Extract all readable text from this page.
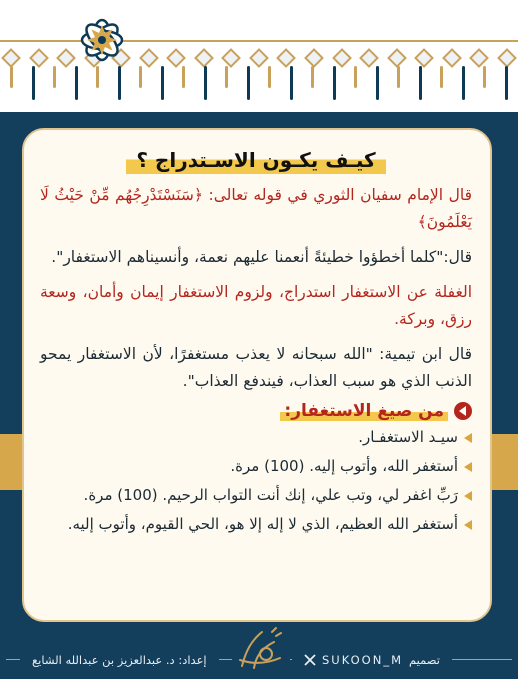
كيـف يكـون الاسـتدراج ؟

قال الإمام سفيان الثوري في قوله تعالى: ﴿سَنَسْتَدْرِجُهُم مِّنْ حَيْثُ لَا يَعْلَمُونَ﴾

قال:"كلما أخطؤوا خطيئةً أنعمنا عليهم نعمة، وأنسيناهم الاستغفار".

الغفلة عن الاستغفار استدراج، ولزوم الاستغفار إيمان وأمان، وسعة رزق، وبركة.

قال ابن تيمية: "الله سبحانه لا يعذب مستغفرًا، لأن الاستغفار يمحو الذنب الذي هو سبب العذاب، فيندفع العذاب".

من صيغ الاستغفار:
سيـد الاستغفـار.
أستغفر الله، وأتوب إليه. (100) مرة.
رَبِّ اغفر لي، وتب علي، إنك أنت التواب الرحيم. (100) مرة.
أستغفر الله العظيم، الذي لا إله إلا هو، الحي القيوم، وأتوب إليه.
إعداد: د. عبدالعزيز بن عبدالله الشايع	SUKOON_M تصميم
